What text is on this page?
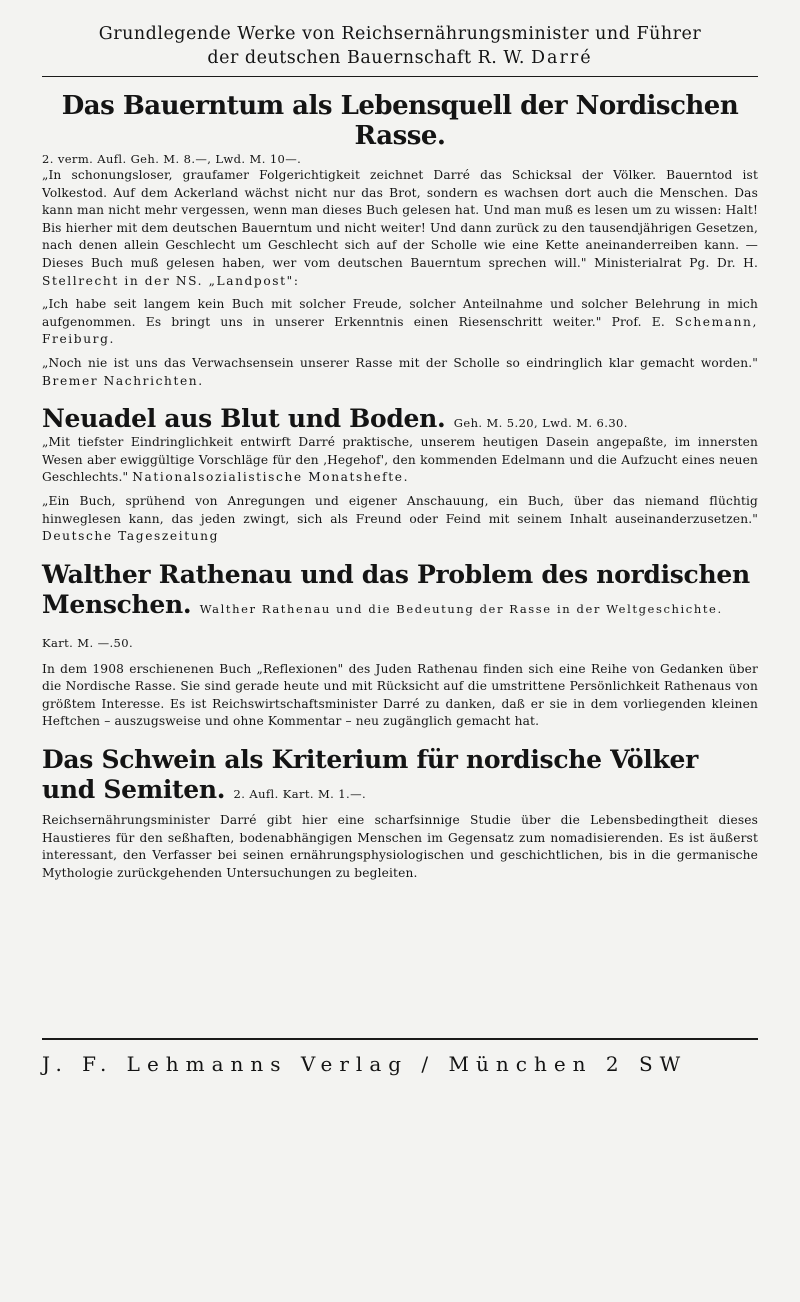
Grundlegende Werke von Reichsernährungsminister und Führer
der deutschen Bauernschaft R. W. Darré
Das Bauerntum als Lebensquell der Nordischen Rasse.
2. verm. Aufl. Geh. M. 8.—, Lwd. M. 10—.

„In schonungsloser, graufamer Folgerichtigkeit zeichnet Darré das Schicksal der Völker. Bauerntod ist Volkestod. Auf dem Ackerland wächst nicht nur das Brot, sondern es wachsen dort auch die Menschen. Das kann man nicht mehr vergessen, wenn man dieses Buch gelesen hat. Und man muß es lesen um zu wissen: Halt! Bis hierher mit dem deutschen Bauerntum und nicht weiter! Und dann zurück zu den tausendjährigen Gesetzen, nach denen allein Geschlecht um Geschlecht sich auf der Scholle wie eine Kette aneinanderreiben kann. — Dieses Buch muß gelesen haben, wer vom deutschen Bauerntum sprechen will." Ministerialrat Pg. Dr. H. Stellrecht in der NS. „Landpost":

„Ich habe seit langem kein Buch mit solcher Freude, solcher Anteilnahme und solcher Belehrung in mich aufgenommen. Es bringt uns in unserer Erkenntnis einen Riesenschritt weiter." Prof. E. Schemann, Freiburg.

„Noch nie ist uns das Verwachsensein unserer Rasse mit der Scholle so eindringlich klar gemacht worden." Bremer Nachrichten.

Neuadel aus Blut und Boden. Geh. M. 5.20, Lwd. M. 6.30.

„Mit tiefster Eindringlichkeit entwirft Darré praktische, unserem heutigen Dasein angepaßte, im innersten Wesen aber ewiggültige Vorschläge für den ‚Hegehof', den kommenden Edelmann und die Aufzucht eines neuen Geschlechts." Nationalsozialistische Monatshefte.

„Ein Buch, sprühend von Anregungen und eigener Anschauung, ein Buch, über das niemand flüchtig hinweglesen kann, das jeden zwingt, sich als Freund oder Feind mit seinem Inhalt auseinanderzusetzen." Deutsche Tageszeitung

Walther Rathenau und das Problem des nordischen Menschen. Walther Rathenau und die Bedeutung der Rasse in der Weltgeschichte. Kart. M. —.50.

In dem 1908 erschienenen Buch „Reflexionen" des Juden Rathenau finden sich eine Reihe von Gedanken über die Nordische Rasse. Sie sind gerade heute und mit Rücksicht auf die umstrittene Persönlichkeit Rathenaus von größtem Interesse. Es ist Reichswirtschaftsminister Darré zu danken, daß er sie in dem vorliegenden kleinen Heftchen – auszugsweise und ohne Kommentar – neu zugänglich gemacht hat.

Das Schwein als Kriterium für nordische Völker und Semiten. 2. Aufl. Kart. M. 1.—.

Reichsernährungsminister Darré gibt hier eine scharfsinnige Studie über die Lebensbedingtheit dieses Haustieres für den seßhaften, bodenabhängigen Menschen im Gegensatz zum nomadisierenden. Es ist äußerst interessant, den Verfasser bei seinen ernährungsphysiologischen und geschichtlichen, bis in die germanische Mythologie zurückgehenden Untersuchungen zu begleiten.

J. F. Lehmanns Verlag / München 2 SW
